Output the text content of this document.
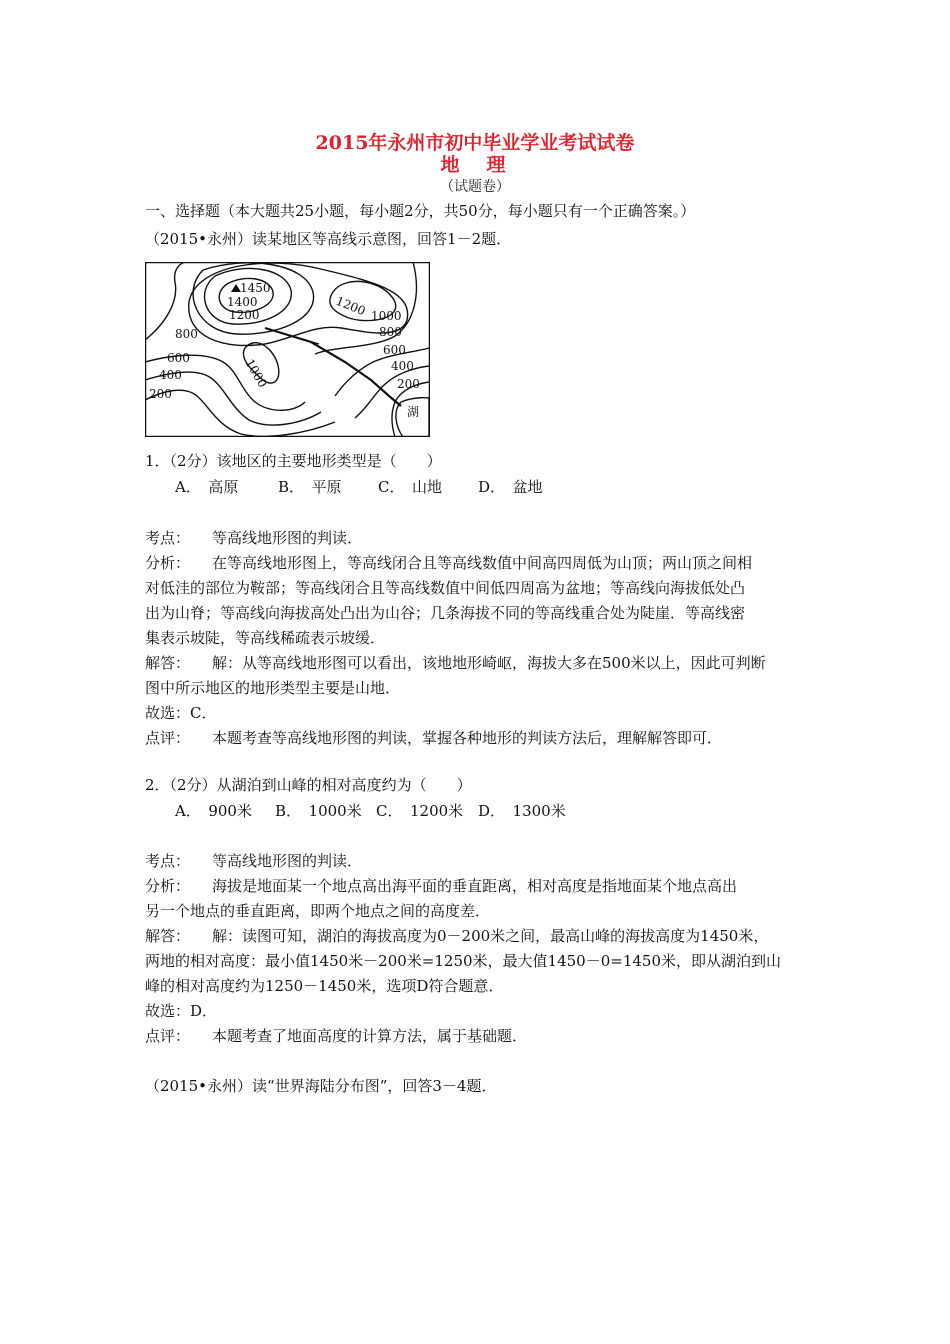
2015年永州市初中毕业学业考试试卷
地　理
（试题卷）
一、选择题（本大题共25小题，每小题2分，共50分，每小题只有一个正确答案。）
（2015•永州）读某地区等高线示意图，回答1－2题．
1450
1400
1200	1200 1000
800	800
600
400
600
400
200
200
1000
湖
1．（2分）该地区的主要地形类型是（　　）
A．　高原	B．　平原 C．　山地 D．　盆地
考点： 等高线地形图的判读．
分析： 在等高线地形图上，等高线闭合且等高线数值中间高四周低为山顶；两山顶之间相
对低洼的部位为鞍部；等高线闭合且等高线数值中间低四周高为盆地；等高线向海拔低处凸
出为山脊；等高线向海拔高处凸出为山谷；几条海拔不同的等高线重合处为陡崖．等高线密
集表示坡陡，等高线稀疏表示坡缓．
解答： 解：从等高线地形图可以看出，该地地形崎岖，海拔大多在500米以上，因此可判断
图中所示地区的地形类型主要是山地．
故选：C．
点评： 本题考查等高线地形图的判读，掌握各种地形的判读方法后，理解解答即可．
2．（2分）从湖泊到山峰的相对高度约为（　　）
A．　900米 B．　1000米 C．　1200米 D．　1300米
考点： 等高线地形图的判读．
分析： 海拔是地面某一个地点高出海平面的垂直距离，相对高度是指地面某个地点高出
另一个地点的垂直距离，即两个地点之间的高度差．
解答： 解：读图可知，湖泊的海拔高度为0－200米之间，最高山峰的海拔高度为1450米，
两地的相对高度：最小值1450米－200米=1250米，最大值1450－0=1450米，即从湖泊到山
峰的相对高度约为1250－1450米，选项D符合题意．
故选：D．
点评： 本题考查了地面高度的计算方法，属于基础题．
（2015•永州）读“世界海陆分布图”，回答3－4题．
